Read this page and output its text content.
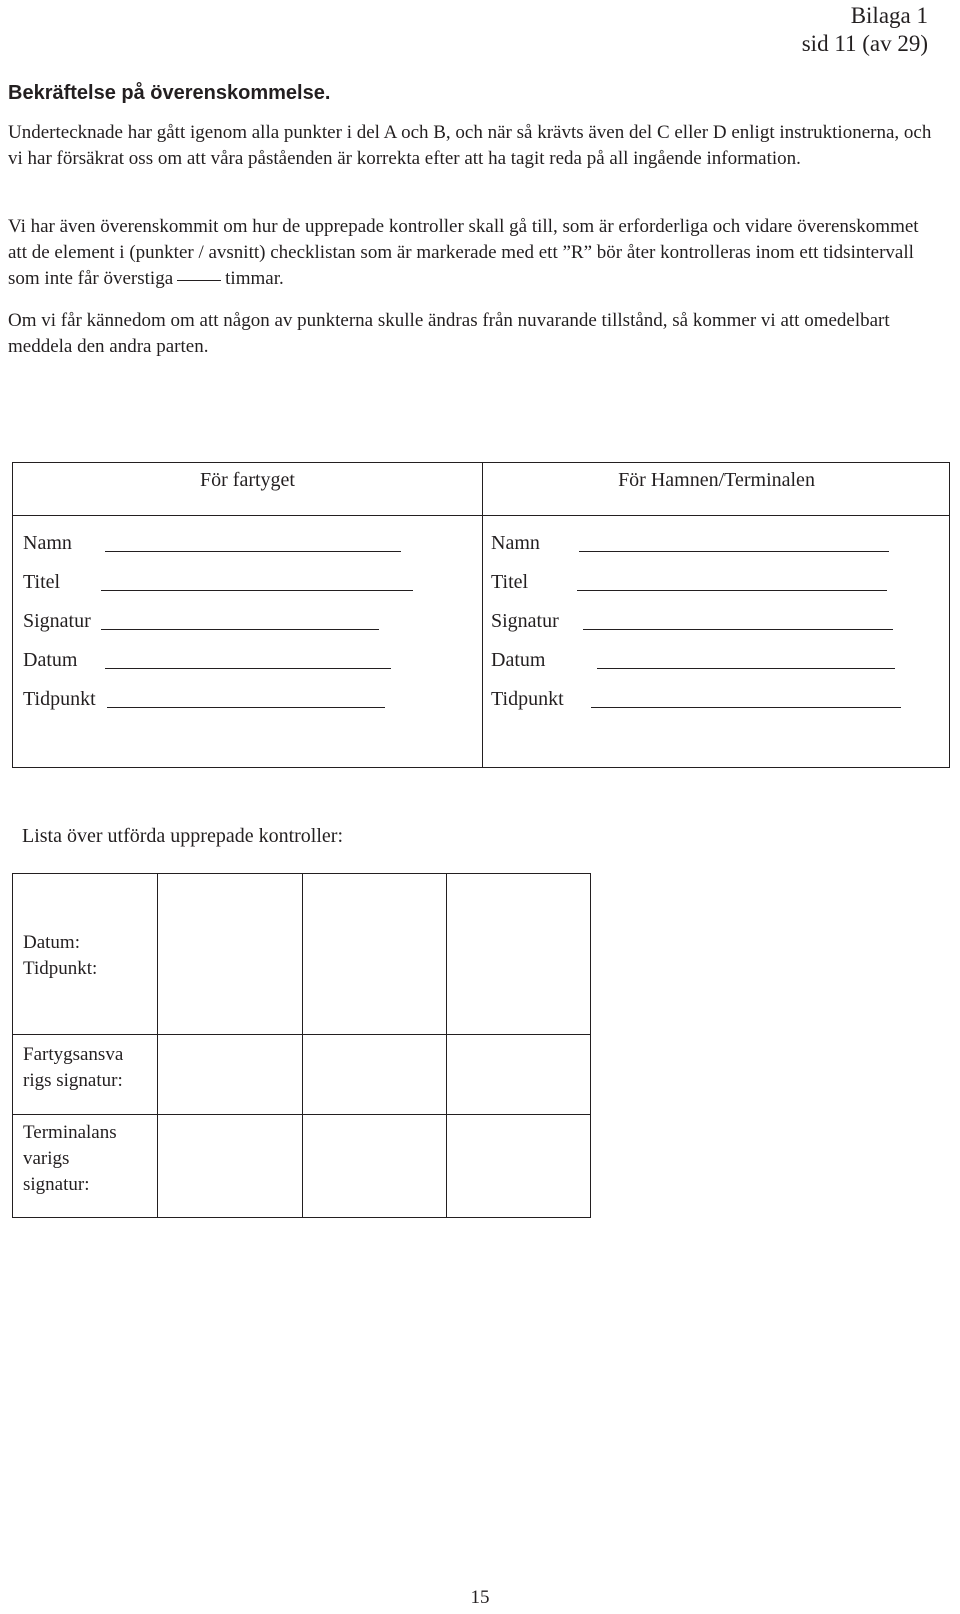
Bilaga 1
sid 11 (av 29)
Bekräftelse på överenskommelse.
Undertecknade har gått igenom alla punkter i del A och B, och när så krävts även del C eller D enligt instruktionerna, och vi har försäkrat oss om att våra påståenden är korrekta efter att ha tagit reda på all ingående information.
Vi har även överenskommit om hur de upprepade kontroller skall gå till, som är erforderliga och vidare överenskommet att de element i (punkter / avsnitt) checklistan som är markerade med ett ”R” bör åter kontrolleras inom ett tidsintervall som inte får överstiga	timmar.
Om vi får kännedom om att någon av punkterna skulle ändras från nuvarande tillstånd, så kommer vi att omedelbart meddela den andra parten.
För fartyget	För Hamnen/Terminalen
Namn
Titel
Signatur
Datum
Tidpunkt
Namn
Titel
Signatur
Datum
Tidpunkt
Lista över utförda upprepade kontroller:
Datum:
Tidpunkt:
Fartygsansva
rigs signatur:
Terminalans
varigs
signatur:
15
